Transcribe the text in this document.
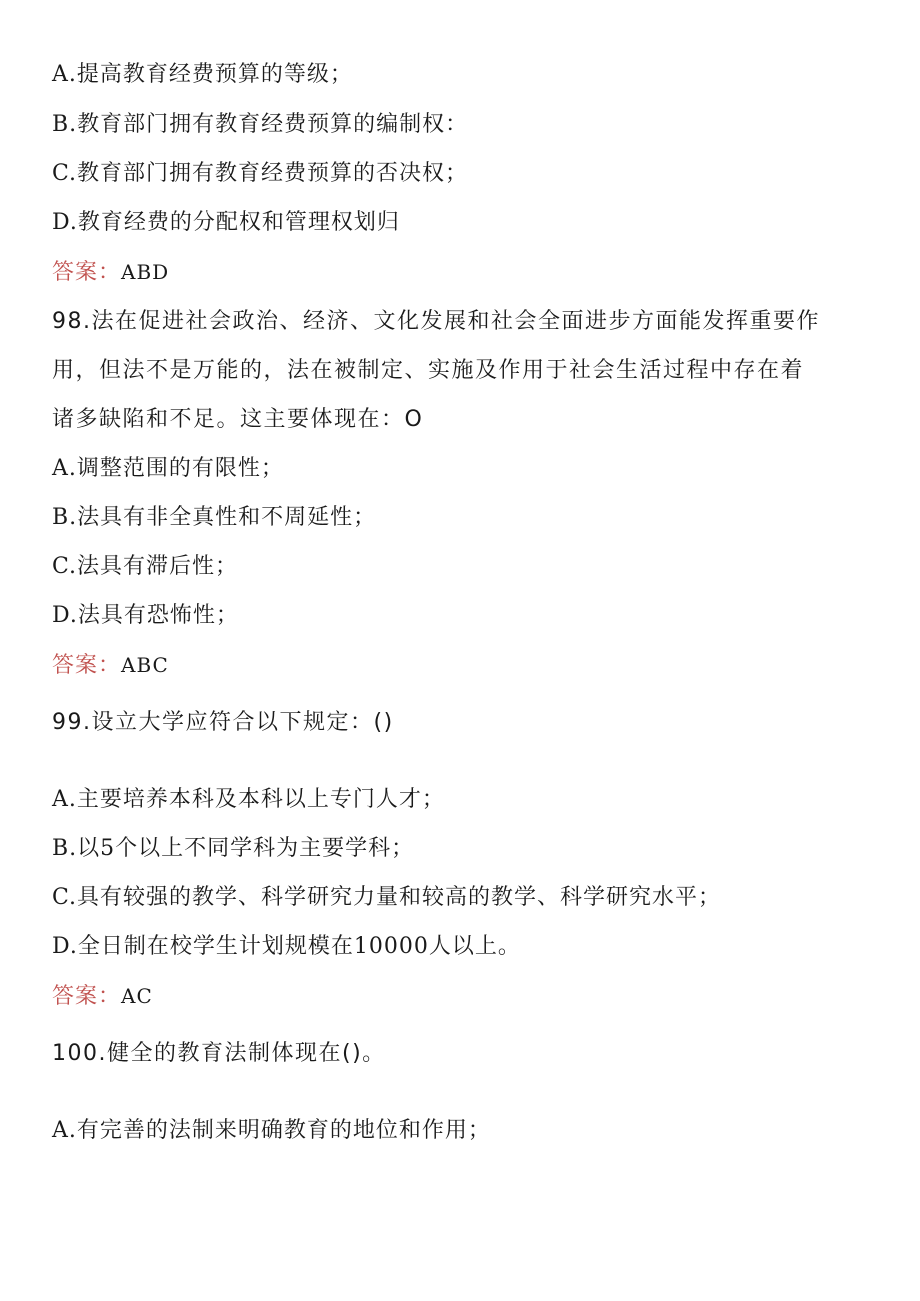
A.提高教育经费预算的等级；

B.教育部门拥有教育经费预算的编制权：

C.教育部门拥有教育经费预算的否决权；

D.教育经费的分配权和管理权划归

答案：ABD

98.法在促进社会政治、经济、文化发展和社会全面进步方面能发挥重要作

用，但法不是万能的，法在被制定、实施及作用于社会生活过程中存在着

诸多缺陷和不足。这主要体现在：O

A.调整范围的有限性；

B.法具有非全真性和不周延性；

C.法具有滞后性；

D.法具有恐怖性；

答案：ABC

99.设立大学应符合以下规定：()

A.主要培养本科及本科以上专门人才；

B.以5个以上不同学科为主要学科；

C.具有较强的教学、科学研究力量和较高的教学、科学研究水平；

D.全日制在校学生计划规模在10000人以上。

答案：AC

100.健全的教育法制体现在()。

A.有完善的法制来明确教育的地位和作用；
